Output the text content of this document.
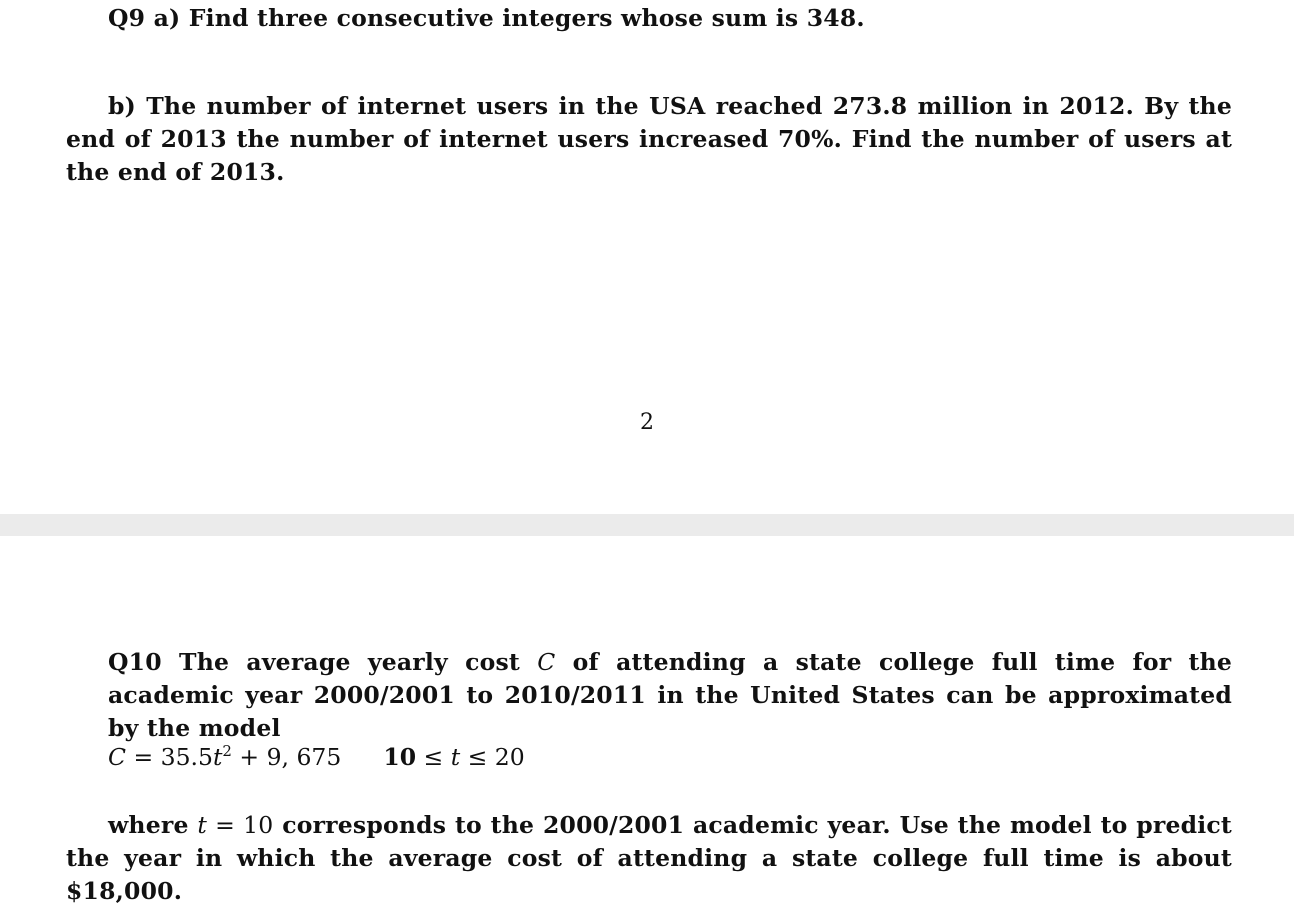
Q9 a) Find three consecutive integers whose sum is 348.

b) The number of internet users in the USA reached 273.8 million in 2012. By the end of 2013 the number of internet users increased 70%. Find the number of users at the end of 2013.

2

Q10 The average yearly cost C of attending a state college full time for the academic year 2000/2001 to 2010/2011 in the United States can be approximated by the model

$C = 35.5t^2 + 9$, 675 10 ≤ t ≤ 20

where t = 10 corresponds to the 2000/2001 academic year. Use the model to predict the year in which the average cost of attending a state college full time is about $18,000.
